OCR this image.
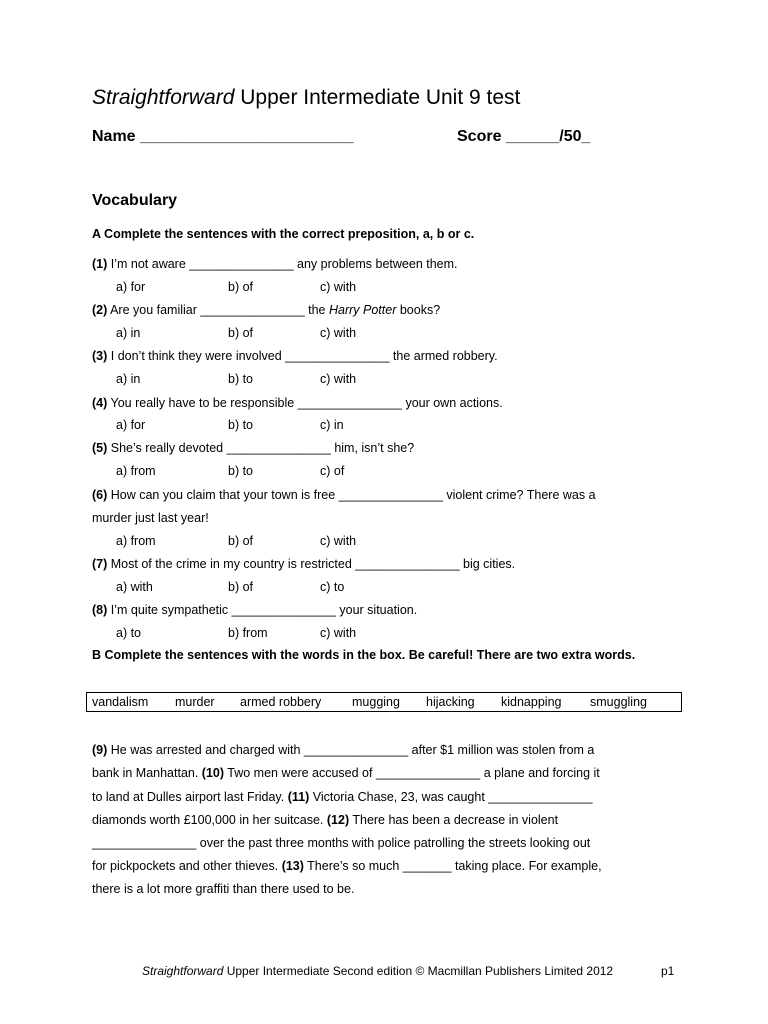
Straightforward Upper Intermediate Unit 9 test
Name ________________________	Score ______/50_
Vocabulary
A Complete the sentences with the correct preposition, a, b or c.
(1) I’m not aware _______________ any problems between them.
a) for	b) of	c) with
(2) Are you familiar _______________ the Harry Potter books?
a) in	b) of	c) with
(3) I don’t think they were involved _______________ the armed robbery.
a) in	b) to	c) with
(4) You really have to be responsible _______________ your own actions.
a) for	b) to	c) in
(5) She’s really devoted _______________ him, isn’t she?
a) from	b) to	c) of
(6) How can you claim that your town is free _______________ violent crime? There was a
murder just last year!
a) from	b) of	c) with
(7) Most of the crime in my country is restricted _______________ big cities.
a) with	b) of	c) to
(8) I’m quite sympathetic _______________ your situation.
a) to	b) from	c) with
B Complete the sentences with the words in the box. Be careful! There are two extra words.
vandalism murder armed robbery mugging hijacking kidnapping smuggling
(9) He was arrested and charged with _______________ after $1 million was stolen from a
bank in Manhattan. (10) Two men were accused of _______________ a plane and forcing it
to land at Dulles airport last Friday. (11) Victoria Chase, 23, was caught _______________
diamonds worth £100,000 in her suitcase. (12) There has been a decrease in violent
_______________ over the past three months with police patrolling the streets looking out
for pickpockets and other thieves. (13) There’s so much _______ taking place. For example,
there is a lot more graffiti than there used to be.
Straightforward Upper Intermediate Second edition © Macmillan Publishers Limited 2012	p1
